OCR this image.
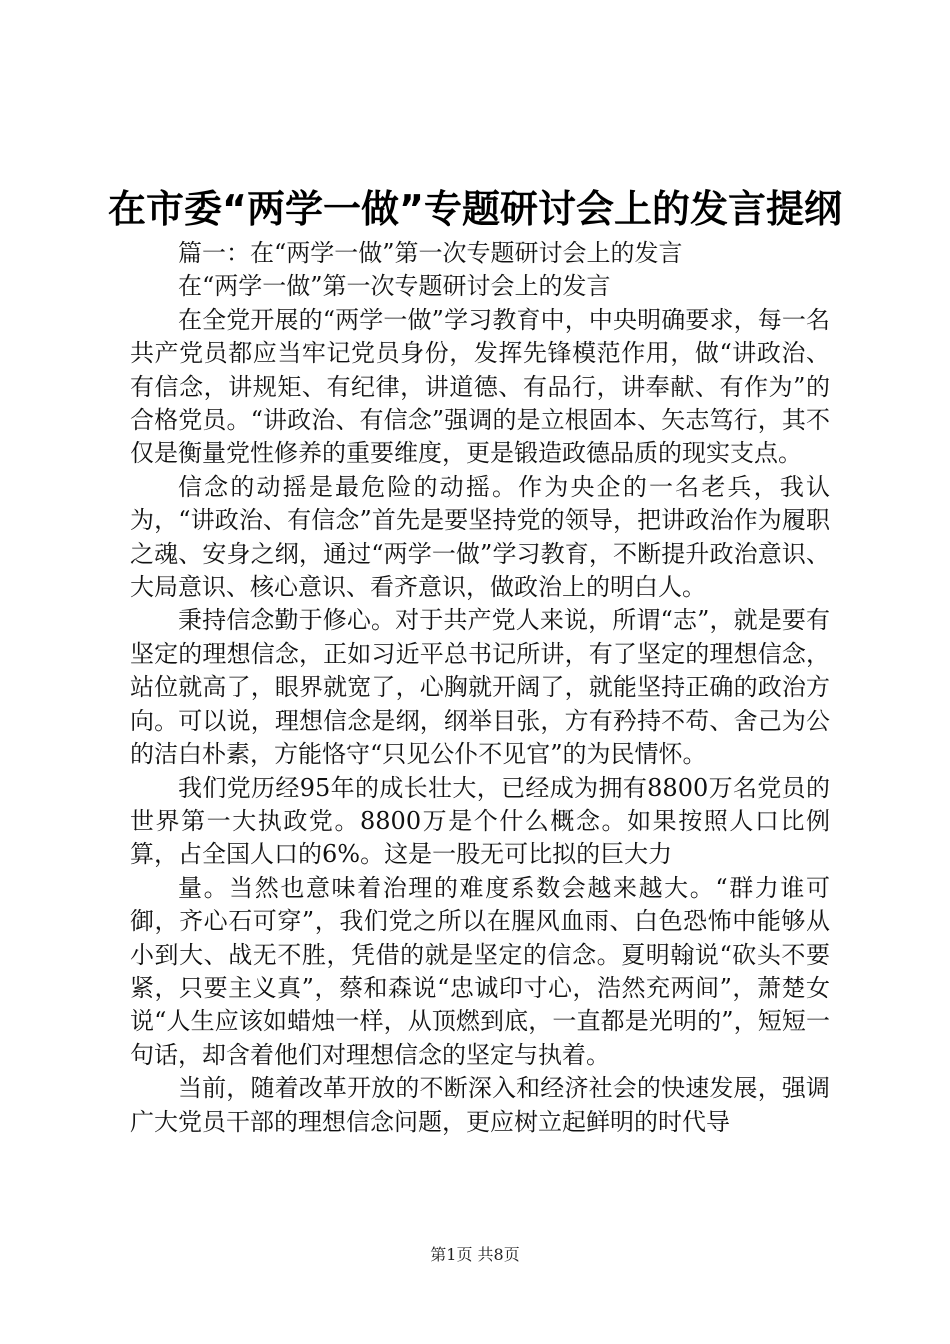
在市委“两学一做”专题研讨会上的发言提纲

篇一：在“两学一做”第一次专题研讨会上的发言

在“两学一做”第一次专题研讨会上的发言

在全党开展的“两学一做”学习教育中，中央明确要求，每一名共产党员都应当牢记党员身份，发挥先锋模范作用，做“讲政治、有信念，讲规矩、有纪律，讲道德、有品行，讲奉献、有作为”的合格党员。“讲政治、有信念”强调的是立根固本、矢志笃行，其不仅是衡量党性修养的重要维度，更是锻造政德品质的现实支点。

信念的动摇是最危险的动摇。作为央企的一名老兵，我认为，“讲政治、有信念”首先是要坚持党的领导，把讲政治作为履职之魂、安身之纲，通过“两学一做”学习教育，不断提升政治意识、大局意识、核心意识、看齐意识，做政治上的明白人。

秉持信念勤于修心。对于共产党人来说，所谓“志”，就是要有坚定的理想信念，正如习近平总书记所讲，有了坚定的理想信念，站位就高了，眼界就宽了，心胸就开阔了，就能坚持正确的政治方向。可以说，理想信念是纲，纲举目张，方有矜持不苟、舍己为公的洁白朴素，方能恪守“只见公仆不见官”的为民情怀。

我们党历经95年的成长壮大，已经成为拥有8800万名党员的世界第一大执政党。8800万是个什么概念。如果按照人口比例算，占全国人口的6%。这是一股无可比拟的巨大力

量。当然也意味着治理的难度系数会越来越大。“群力谁可御，齐心石可穿”，我们党之所以在腥风血雨、白色恐怖中能够从小到大、战无不胜，凭借的就是坚定的信念。夏明翰说“砍头不要紧，只要主义真”，蔡和森说“忠诚印寸心，浩然充两间”，萧楚女说“人生应该如蜡烛一样，从顶燃到底，一直都是光明的”，短短一句话，却含着他们对理想信念的坚定与执着。

当前，随着改革开放的不断深入和经济社会的快速发展，强调广大党员干部的理想信念问题，更应树立起鲜明的时代导

第1页 共8页
